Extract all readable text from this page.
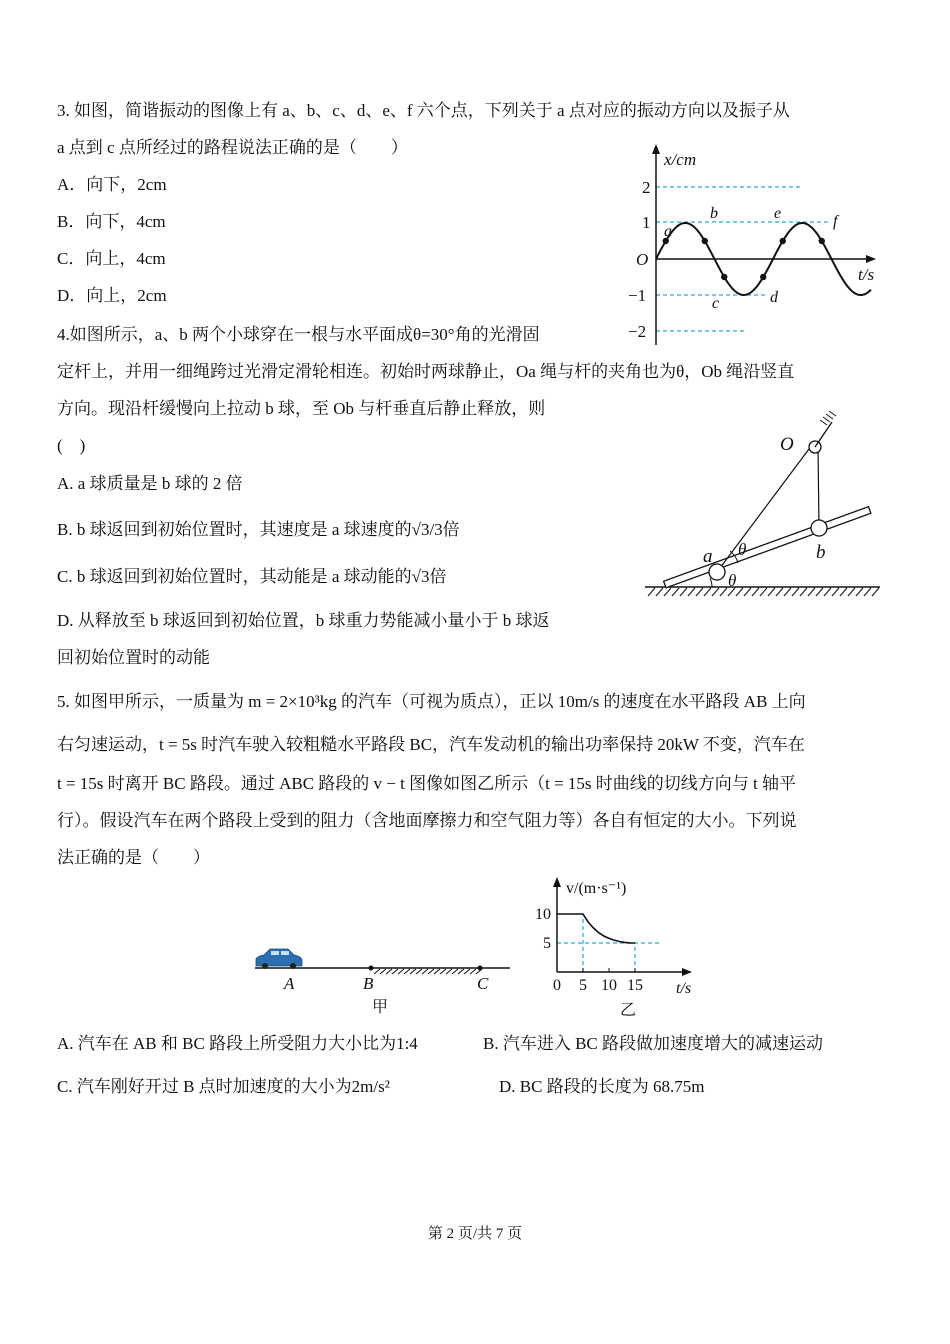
3. 如图，简谐振动的图像上有 a、b、c、d、e、f 六个点，下列关于 a 点对应的振动方向以及振子从
a 点到 c 点所经过的路程说法正确的是（　　）
A．向下，2cm
B．向下，4cm
C．向上，4cm
D．向上，2cm
x/cm
t/s
O
2
1
−1
−2
a
b
c	d
e	f
4.如图所示，a、b 两个小球穿在一根与水平面成θ=30°角的光滑固
定杆上，并用一细绳跨过光滑定滑轮相连。初始时两球静止，Oa 绳与杆的夹角也为θ，Ob 绳沿竖直
方向。现沿杆缓慢向上拉动 b 球，至 Ob 与杆垂直后静止释放，则
(　)
A. a 球质量是 b 球的 2 倍
B. b 球返回到初始位置时，其速度是 a 球速度的√3/3倍
C. b 球返回到初始位置时，其动能是 a 球动能的√3倍
D. 从释放至 b 球返回到初始位置，b 球重力势能减小量小于 b 球返
回初始位置时的动能
O
a	b
θ
θ
5. 如图甲所示，一质量为 m = 2×10³kg 的汽车（可视为质点），正以 10m/s 的速度在水平路段 AB 上向
右匀速运动，t = 5s 时汽车驶入较粗糙水平路段 BC，汽车发动机的输出功率保持 20kW 不变，汽车在
t = 15s 时离开 BC 路段。通过 ABC 路段的 v − t 图像如图乙所示（t = 15s 时曲线的切线方向与 t 轴平
行）。假设汽车在两个路段上受到的阻力（含地面摩擦力和空气阻力等）各自有恒定的大小。下列说
法正确的是（　　）
A	B	C
甲
v/(m·s⁻¹)
t/s
0 5 10 15
5
10
乙
A. 汽车在 AB 和 BC 路段上所受阻力大小比为1:4	B. 汽车进入 BC 路段做加速度增大的减速运动
C. 汽车刚好开过 B 点时加速度的大小为2m/s²	D. BC 路段的长度为 68.75m
第 2 页/共 7 页
